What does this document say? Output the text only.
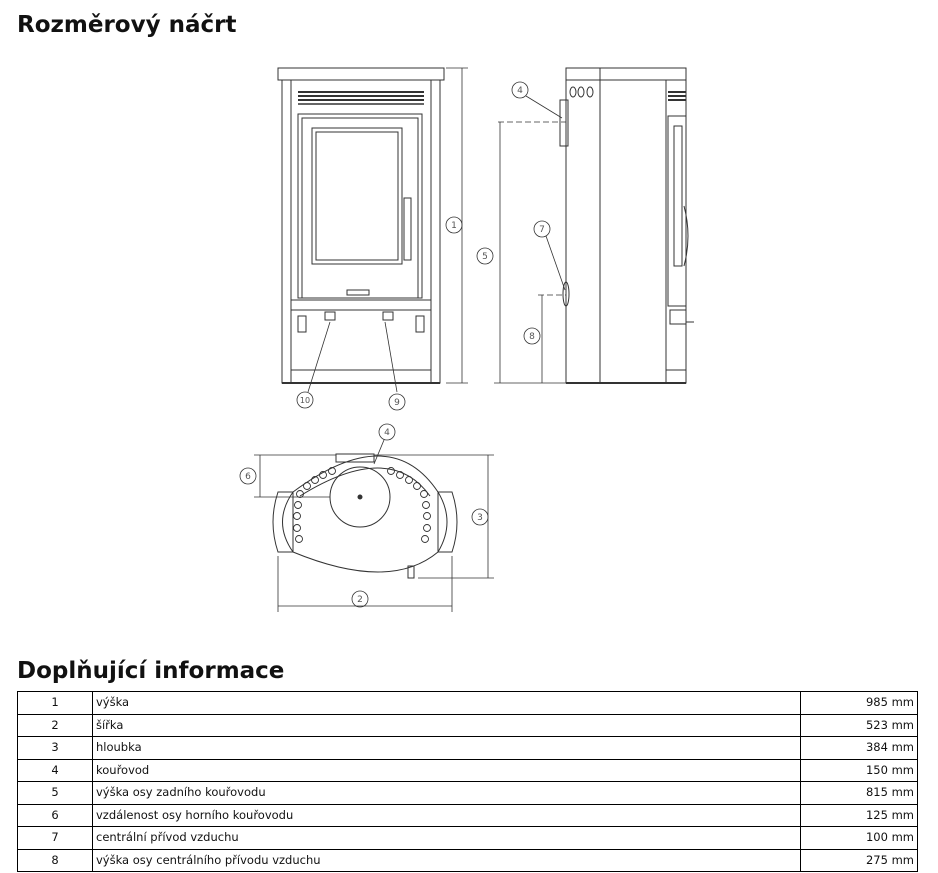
Rozměrový náčrt
1
2
3
4
5
6
7
8
9
10
4
Doplňující informace
1	výška	985 mm
2	šířka	523 mm
3	hloubka	384 mm
4	kouřovod	150 mm
5	výška osy zadního kouřovodu	815 mm
6	vzdálenost osy horního kouřovodu	125 mm
7	centrální přívod vzduchu	100 mm
8	výška osy centrálního přívodu vzduchu	275 mm
